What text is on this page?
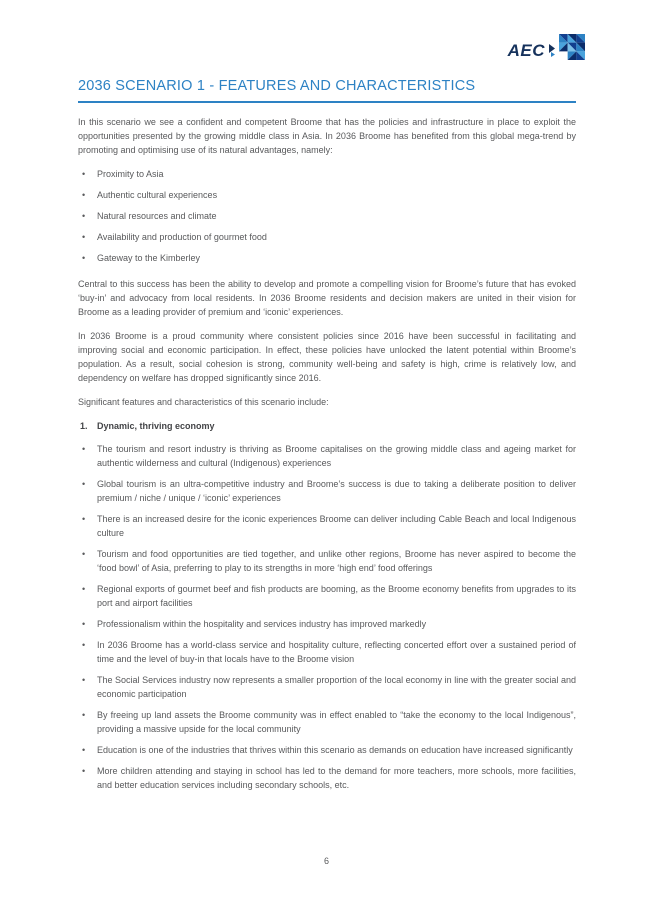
AEC
2036 SCENARIO 1 - FEATURES AND CHARACTERISTICS

In this scenario we see a confident and competent Broome that has the policies and infrastructure in place to exploit the opportunities presented by the growing middle class in Asia. In 2036 Broome has benefited from this global mega-trend by promoting and optimising use of its natural advantages, namely:

•	Proximity to Asia
•	Authentic cultural experiences
•	Natural resources and climate
•	Availability and production of gourmet food
•	Gateway to the Kimberley

Central to this success has been the ability to develop and promote a compelling vision for Broome’s future that has evoked ‘buy-in’ and advocacy from local residents. In 2036 Broome residents and decision makers are united in their vision for Broome as a leading provider of premium and ‘iconic’ experiences.

In 2036 Broome is a proud community where consistent policies since 2016 have been successful in facilitating and improving social and economic participation. In effect, these policies have unlocked the latent potential within Broome’s population. As a result, social cohesion is strong, community well-being and safety is high, crime is relatively low, and dependency on welfare has dropped significantly since 2016.

Significant features and characteristics of this scenario include:

1.	Dynamic, thriving economy
•	The tourism and resort industry is thriving as Broome capitalises on the growing middle class and ageing market for authentic wilderness and cultural (Indigenous) experiences
•	Global tourism is an ultra-competitive industry and Broome’s success is due to taking a deliberate position to deliver premium / niche / unique / ‘iconic’ experiences
•	There is an increased desire for the iconic experiences Broome can deliver including Cable Beach and local Indigenous culture
•	Tourism and food opportunities are tied together, and unlike other regions, Broome has never aspired to become the ‘food bowl’ of Asia, preferring to play to its strengths in more ‘high end’ food offerings
•	Regional exports of gourmet beef and fish products are booming, as the Broome economy benefits from upgrades to its port and airport facilities
•	Professionalism within the hospitality and services industry has improved markedly
•	In 2036 Broome has a world-class service and hospitality culture, reflecting concerted effort over a sustained period of time and the level of buy-in that locals have to the Broome vision
•	The Social Services industry now represents a smaller proportion of the local economy in line with the greater social and economic participation
•	By freeing up land assets the Broome community was in effect enabled to “take the economy to the local Indigenous”, providing a massive upside for the local community
•	Education is one of the industries that thrives within this scenario as demands on education have increased significantly
•	More children attending and staying in school has led to the demand for more teachers, more schools, more facilities, and better education services including secondary schools, etc.
6
